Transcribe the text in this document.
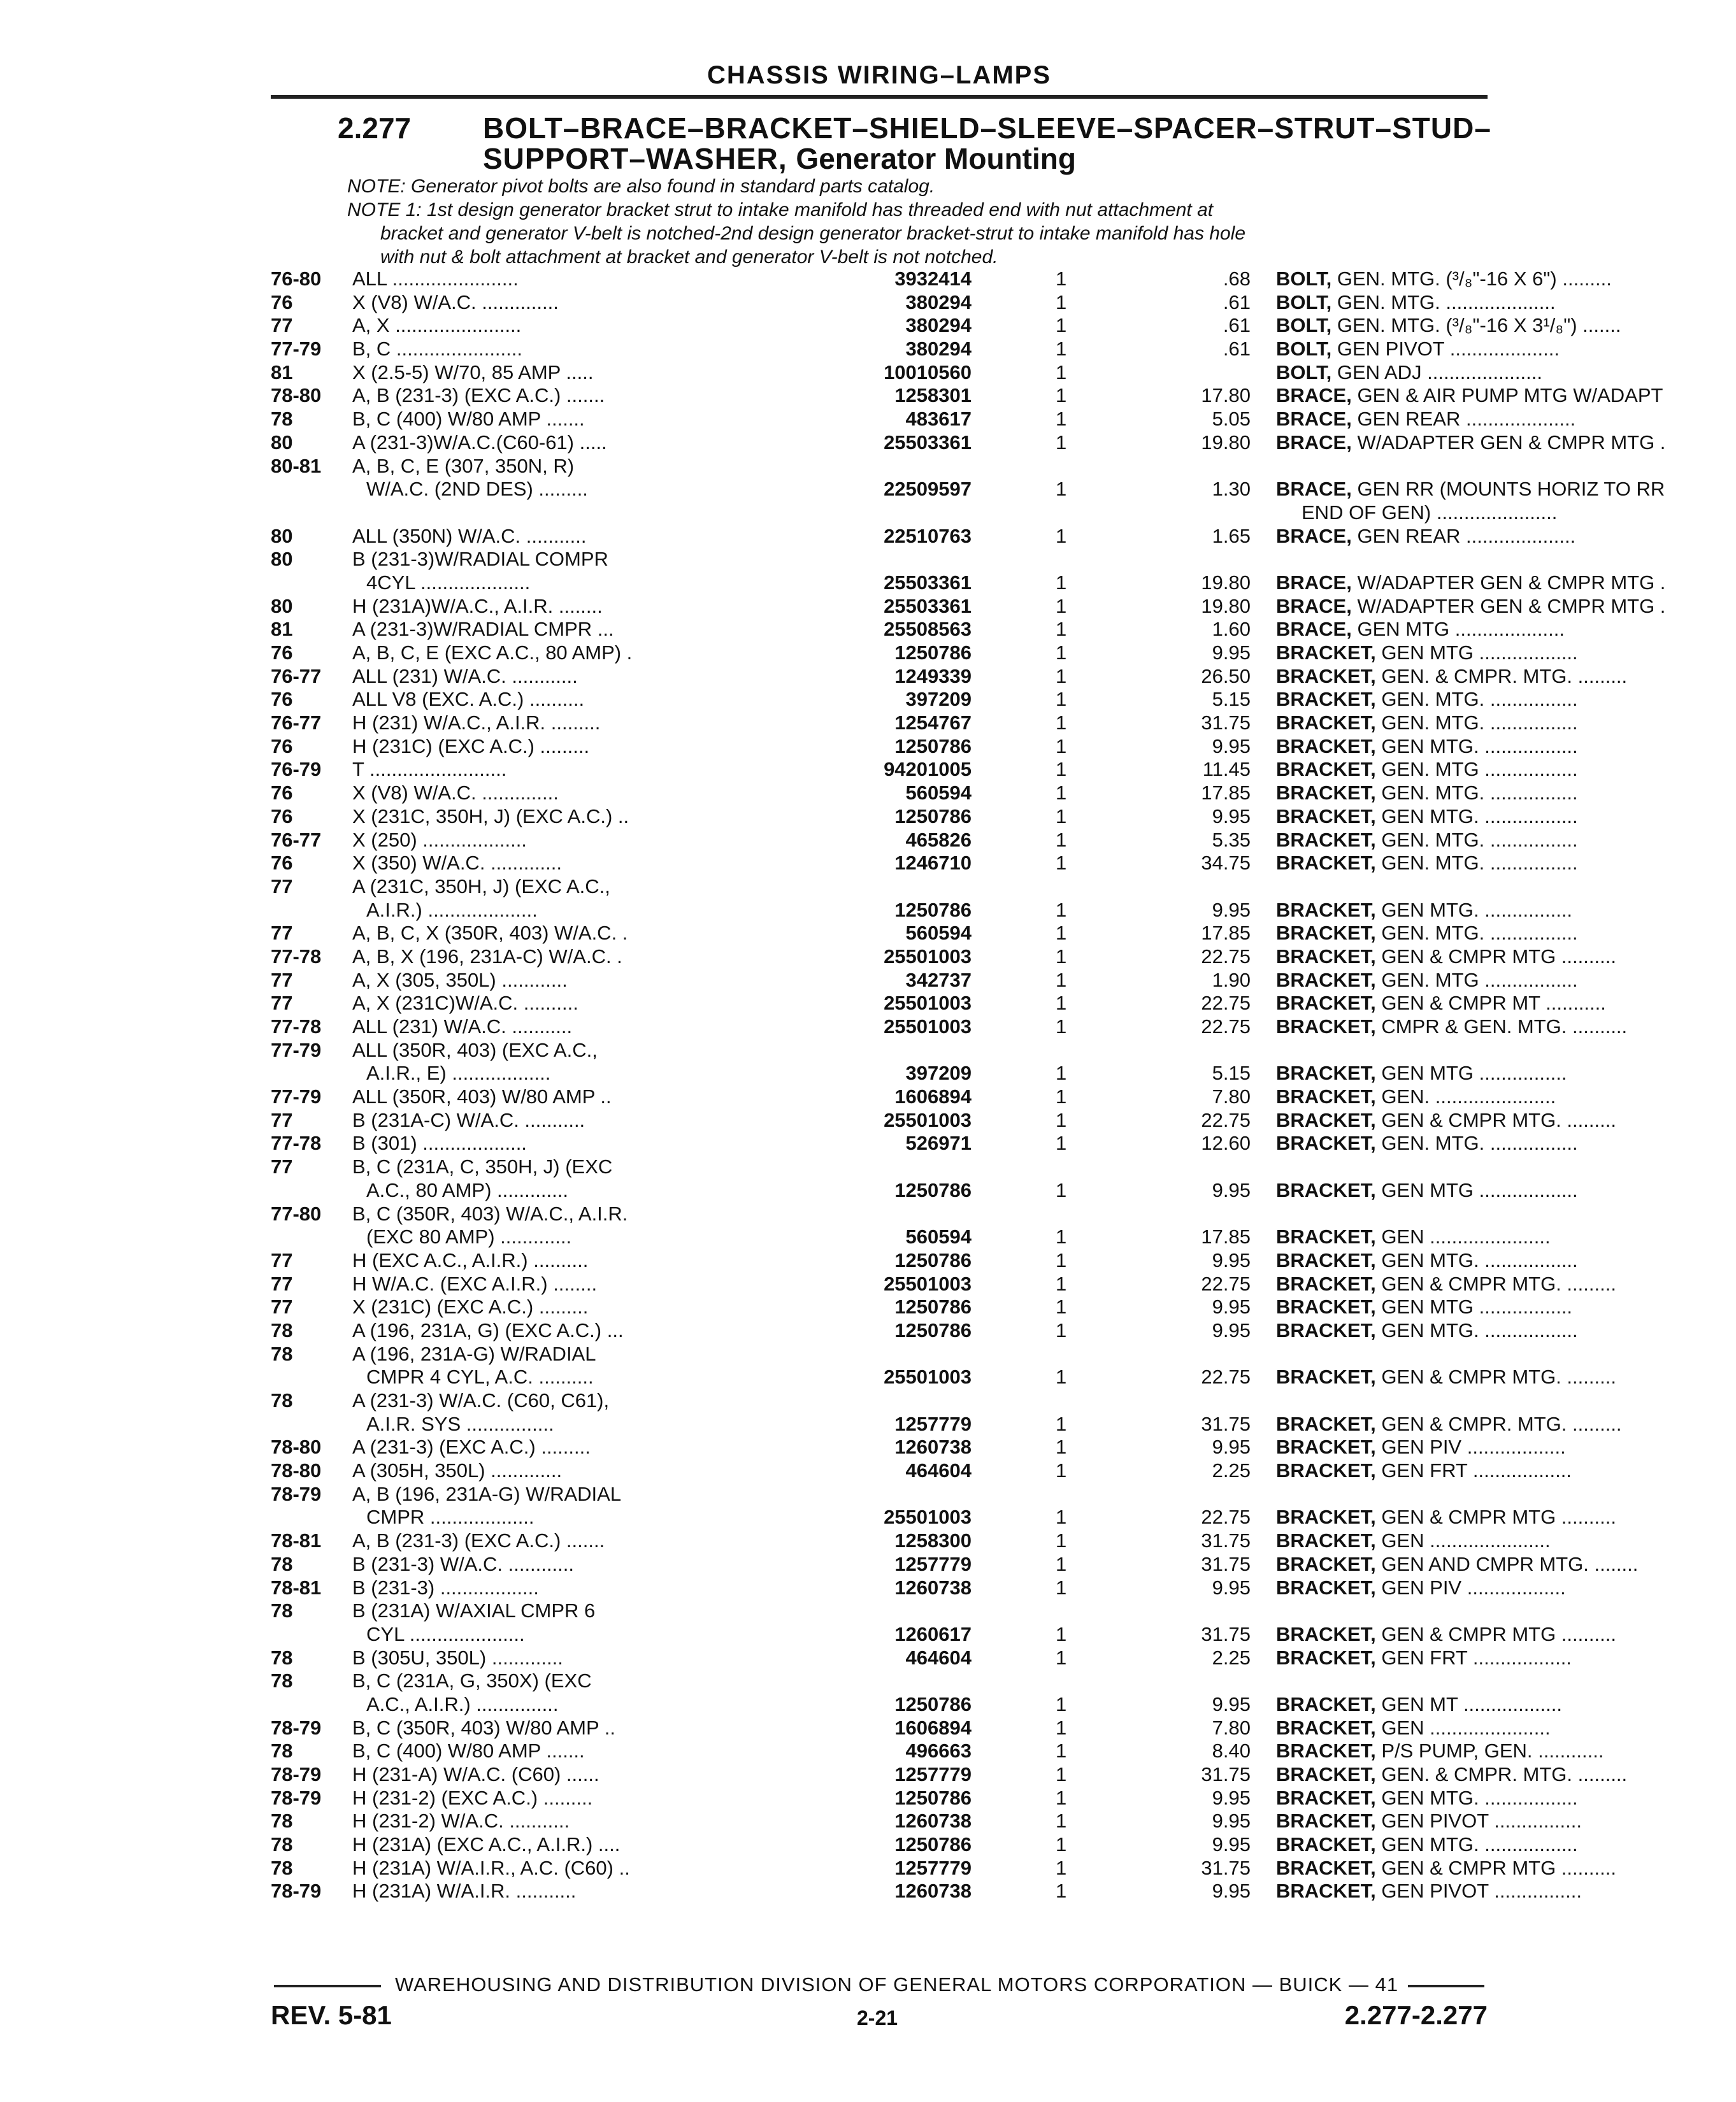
CHASSIS WIRING–LAMPS
2.277 BOLT–BRACE–BRACKET–SHIELD–SLEEVE–SPACER–STRUT–STUD–
SUPPORT–WASHER, Generator Mounting

NOTE: Generator pivot bolts are also found in standard parts catalog.

NOTE 1: 1st design generator bracket strut to intake manifold has threaded end with nut attachment at

bracket and generator V-belt is notched-2nd design generator bracket-strut to intake manifold has hole

with nut & bolt attachment at bracket and generator V-belt is not notched.

76-80 ALL .......................	3932414	1	.68 BOLT, GEN. MTG. (³/₈"-16 X 6") .........
76	X (V8) W/A.C. ..............	380294	1	.61 BOLT, GEN. MTG. ....................
77	A, X .......................	380294	1	.61 BOLT, GEN. MTG. (³/₈"-16 X 3¹/₈") .......
77-79 B, C .......................	380294	1	.61 BOLT, GEN PIVOT ....................
81	X (2.5-5) W/70, 85 AMP .....	10010560	1	BOLT, GEN ADJ .....................
78-80 A, B (231-3) (EXC A.C.) .......	1258301	1	17.80 BRACE, GEN & AIR PUMP MTG W/ADAPT
78	B, C (400) W/80 AMP .......	483617	1	5.05 BRACE, GEN REAR ....................
80	A (231-3)W/A.C.(C60-61) .....	25503361	1	19.80 BRACE, W/ADAPTER GEN & CMPR MTG .
80-81 A, B, C, E (307, 350N, R)
W/A.C. (2ND DES) .........	22509597	1	1.30 BRACE, GEN RR (MOUNTS HORIZ TO RR
END OF GEN) ......................
80	ALL (350N) W/A.C. ...........	22510763	1	1.65 BRACE, GEN REAR ....................
80	B (231-3)W/RADIAL COMPR
4CYL ....................	25503361	1	19.80 BRACE, W/ADAPTER GEN & CMPR MTG .
80	H (231A)W/A.C., A.I.R. ........	25503361	1	19.80 BRACE, W/ADAPTER GEN & CMPR MTG .
81	A (231-3)W/RADIAL CMPR ...	25508563	1	1.60 BRACE, GEN MTG ....................
76	A, B, C, E (EXC A.C., 80 AMP) .	1250786	1	9.95 BRACKET, GEN MTG ..................
76-77 ALL (231) W/A.C. ............	1249339	1	26.50 BRACKET, GEN. & CMPR. MTG. .........
76	ALL V8 (EXC. A.C.) ..........	397209	1	5.15 BRACKET, GEN. MTG. ................
76-77 H (231) W/A.C., A.I.R. .........	1254767	1	31.75 BRACKET, GEN. MTG. ................
76	H (231C) (EXC A.C.) .........	1250786	1	9.95 BRACKET, GEN MTG. .................
76-79 T .........................	94201005	1	11.45 BRACKET, GEN. MTG .................
76	X (V8) W/A.C. ..............	560594	1	17.85 BRACKET, GEN. MTG. ................
76	X (231C, 350H, J) (EXC A.C.) ..	1250786	1	9.95 BRACKET, GEN MTG. .................
76-77 X (250) ...................	465826	1	5.35 BRACKET, GEN. MTG. ................
76	X (350) W/A.C. .............	1246710	1	34.75 BRACKET, GEN. MTG. ................
77	A (231C, 350H, J) (EXC A.C.,
A.I.R.) ....................	1250786	1	9.95 BRACKET, GEN MTG. ................
77	A, B, C, X (350R, 403) W/A.C. .	560594	1	17.85 BRACKET, GEN. MTG. ................
77-78 A, B, X (196, 231A-C) W/A.C. .	25501003	1	22.75 BRACKET, GEN & CMPR MTG ..........
77	A, X (305, 350L) ............	342737	1	1.90 BRACKET, GEN. MTG .................
77	A, X (231C)W/A.C. ..........	25501003	1	22.75 BRACKET, GEN & CMPR MT ...........
77-78 ALL (231) W/A.C. ...........	25501003	1	22.75 BRACKET, CMPR & GEN. MTG. ..........
77-79 ALL (350R, 403) (EXC A.C.,
A.I.R., E) ..................	397209	1	5.15 BRACKET, GEN MTG ................
77-79 ALL (350R, 403) W/80 AMP ..	1606894	1	7.80 BRACKET, GEN. ......................
77	B (231A-C) W/A.C. ...........	25501003	1	22.75 BRACKET, GEN & CMPR MTG. .........
77-78 B (301) ...................	526971	1	12.60 BRACKET, GEN. MTG. ................
77	B, C (231A, C, 350H, J) (EXC
A.C., 80 AMP) .............	1250786	1	9.95 BRACKET, GEN MTG ..................
77-80 B, C (350R, 403) W/A.C., A.I.R.
(EXC 80 AMP) .............	560594	1	17.85 BRACKET, GEN ......................
77	H (EXC A.C., A.I.R.) ..........	1250786	1	9.95 BRACKET, GEN MTG. .................
77	H W/A.C. (EXC A.I.R.) ........	25501003	1	22.75 BRACKET, GEN & CMPR MTG. .........
77	X (231C) (EXC A.C.) .........	1250786	1	9.95 BRACKET, GEN MTG .................
78	A (196, 231A, G) (EXC A.C.) ...	1250786	1	9.95 BRACKET, GEN MTG. .................
78	A (196, 231A-G) W/RADIAL
CMPR 4 CYL, A.C. ..........	25501003	1	22.75 BRACKET, GEN & CMPR MTG. .........
78	A (231-3) W/A.C. (C60, C61),
A.I.R. SYS ................	1257779	1	31.75 BRACKET, GEN & CMPR. MTG. .........
78-80 A (231-3) (EXC A.C.) .........	1260738	1	9.95 BRACKET, GEN PIV ..................
78-80 A (305H, 350L) .............	464604	1	2.25 BRACKET, GEN FRT ..................
78-79 A, B (196, 231A-G) W/RADIAL
CMPR ...................	25501003	1	22.75 BRACKET, GEN & CMPR MTG ..........
78-81 A, B (231-3) (EXC A.C.) .......	1258300	1	31.75 BRACKET, GEN ......................
78	B (231-3) W/A.C. ............	1257779	1	31.75 BRACKET, GEN AND CMPR MTG. ........
78-81 B (231-3) ..................	1260738	1	9.95 BRACKET, GEN PIV ..................
78	B (231A) W/AXIAL CMPR 6
CYL .....................	1260617	1	31.75 BRACKET, GEN & CMPR MTG ..........
78	B (305U, 350L) .............	464604	1	2.25 BRACKET, GEN FRT ..................
78	B, C (231A, G, 350X) (EXC
A.C., A.I.R.) ...............	1250786	1	9.95 BRACKET, GEN MT ..................
78-79 B, C (350R, 403) W/80 AMP ..	1606894	1	7.80 BRACKET, GEN ......................
78	B, C (400) W/80 AMP .......	496663	1	8.40 BRACKET, P/S PUMP, GEN. ............
78-79 H (231-A) W/A.C. (C60) ......	1257779	1	31.75 BRACKET, GEN. & CMPR. MTG. .........
78-79 H (231-2) (EXC A.C.) .........	1250786	1	9.95 BRACKET, GEN MTG. .................
78	H (231-2) W/A.C. ...........	1260738	1	9.95 BRACKET, GEN PIVOT ................
78	H (231A) (EXC A.C., A.I.R.) ....	1250786	1	9.95 BRACKET, GEN MTG. .................
78	H (231A) W/A.I.R., A.C. (C60) ..	1257779	1	31.75 BRACKET, GEN & CMPR MTG ..........
78-79 H (231A) W/A.I.R. ...........	1260738	1	9.95 BRACKET, GEN PIVOT ................
WAREHOUSING AND DISTRIBUTION DIVISION OF GENERAL MOTORS CORPORATION — BUICK — 41
REV. 5-81	2-21	2.277-2.277
